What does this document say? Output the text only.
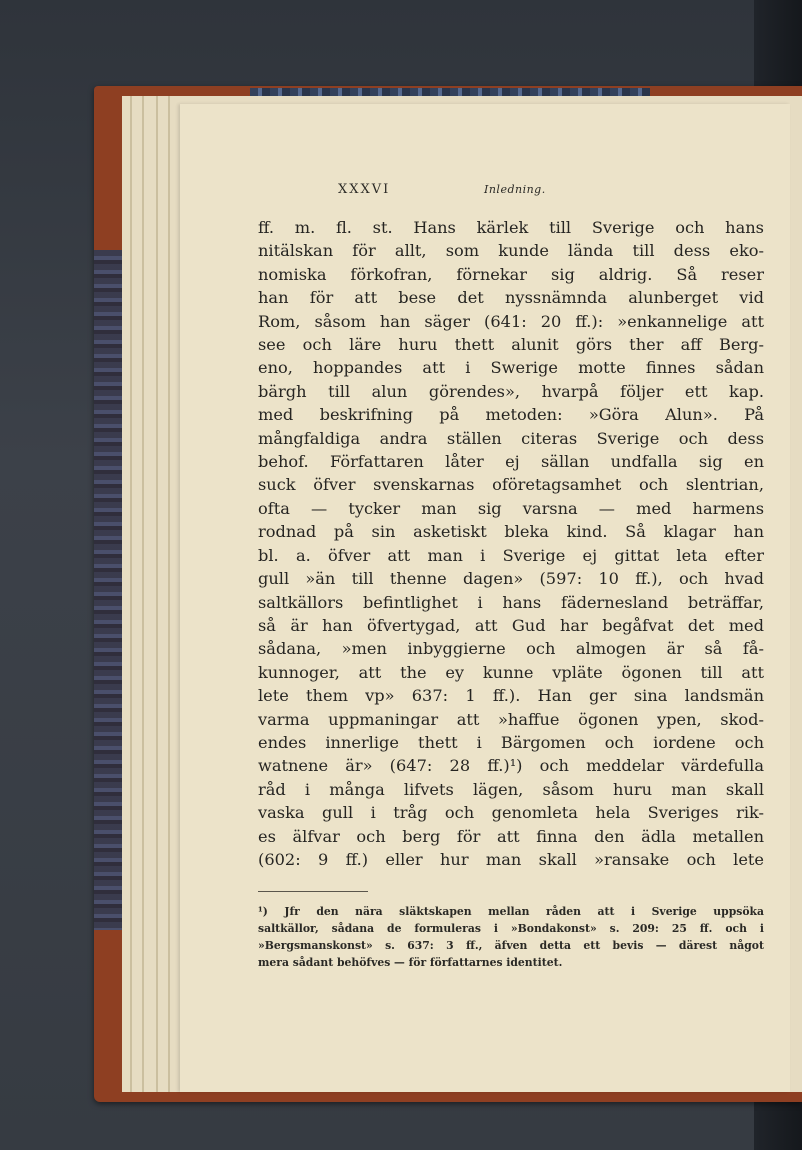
XXXVI	Inledning.
ff. m. fl. st. Hans kärlek till Sverige och hans
nitälskan för allt, som kunde lända till dess eko-
nomiska förkofran, förnekar sig aldrig. Så reser
han för att bese det nyssnämnda alunberget vid
Rom, såsom han säger (641: 20 ff.): »enkannelige att
see och läre huru thett alunit görs ther aff Berg-
eno, hoppandes att i Swerige motte finnes sådan
bärgh till alun görendes», hvarpå följer ett kap.
med beskrifning på metoden: »Göra Alun». På
mångfaldiga andra ställen citeras Sverige och dess
behof. Författaren låter ej sällan undfalla sig en
suck öfver svenskarnas oföretagsamhet och slentrian,
ofta — tycker man sig varsna — med harmens
rodnad på sin asketiskt bleka kind. Så klagar han
bl. a. öfver att man i Sverige ej gittat leta efter
gull »än till thenne dagen» (597: 10 ff.), och hvad
saltkällors befintlighet i hans fädernesland beträffar,
så är han öfvertygad, att Gud har begåfvat det med
sådana, »men inbyggierne och almogen är så få-
kunnoger, att the ey kunne vpläte ögonen till att
lete them vp» 637: 1 ff.). Han ger sina landsmän
varma uppmaningar att »haffue ögonen ypen, skod-
endes innerlige thett i Bärgomen och iordene och
watnene är» (647: 28 ff.)¹) och meddelar värdefulla
råd i många lifvets lägen, såsom huru man skall
vaska gull i tråg och genomleta hela Sveriges rik-
es älfvar och berg för att finna den ädla metallen
(602: 9 ff.) eller hur man skall »ransake och lete
¹) Jfr den nära släktskapen mellan råden att i Sverige uppsöka
saltkällor, sådana de formuleras i »Bondakonst» s. 209: 25 ff. och i
»Bergsmanskonst» s. 637: 3 ff., äfven detta ett bevis — därest något
mera sådant behöfves — för författarnes identitet.
